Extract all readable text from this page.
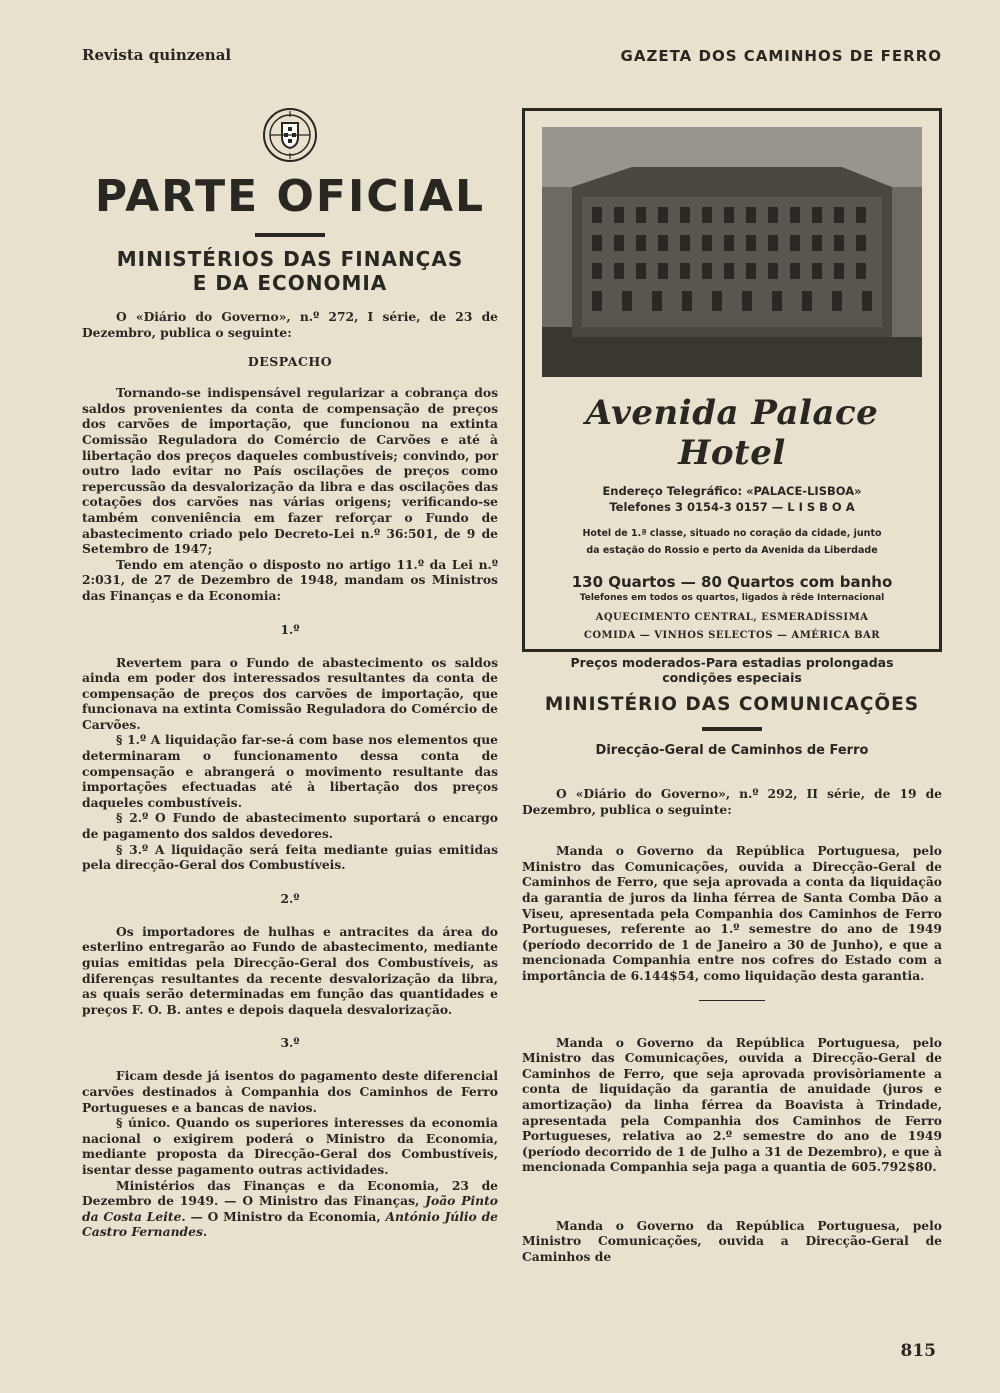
Revista quinzenal	GAZETA DOS CAMINHOS DE FERRO
PARTE OFICIAL
MINISTÉRIOS DAS FINANÇAS
E DA ECONOMIA

O «Diário do Governo», n.º 272, I série, de 23 de Dezembro, publica o seguinte:

DESPACHO

Tornando-se indispensável regularizar a cobrança dos saldos provenientes da conta de compensação de preços dos carvões de importação, que funcionou na extinta Comissão Reguladora do Comércio de Carvões e até à libertação dos preços daqueles combustíveis; convindo, por outro lado evitar no País oscilações de preços como repercussão da desvalorização da libra e das oscilações das cotações dos carvões nas várias origens; verificando-se também conveniência em fazer reforçar o Fundo de abastecimento criado pelo Decreto-Lei n.º 36:501, de 9 de Setembro de 1947;

Tendo em atenção o disposto no artigo 11.º da Lei n.º 2:031, de 27 de Dezembro de 1948, mandam os Ministros das Finanças e da Economia:

1.º

Revertem para o Fundo de abastecimento os saldos ainda em poder dos interessados resultantes da conta de compensação de preços dos carvões de importação, que funcionava na extinta Comissão Reguladora do Comércio de Carvões.

§ 1.º A liquidação far-se-á com base nos elementos que determinaram o funcionamento dessa conta de compensação e abrangerá o movimento resultante das importações efectuadas até à libertação dos preços daqueles combustíveis.

§ 2.º O Fundo de abastecimento suportará o encargo de pagamento dos saldos devedores.

§ 3.º A liquidação será feita mediante guias emitidas pela direcção-Geral dos Combustíveis.

2.º

Os importadores de hulhas e antracites da área do esterlino entregarão ao Fundo de abastecimento, mediante guias emitidas pela Direcção-Geral dos Combustíveis, as diferenças resultantes da recente desvalorização da libra, as quais serão determinadas em função das quantidades e preços F. O. B. antes e depois daquela desvalorização.

3.º

Ficam desde já isentos do pagamento deste diferencial carvões destinados à Companhia dos Caminhos de Ferro Portugueses e a bancas de navios.

§ único. Quando os superiores interesses da economia nacional o exigirem poderá o Ministro da Economia, mediante proposta da Direcção-Geral dos Combustíveis, isentar desse pagamento outras actividades.

Ministérios das Finanças e da Economia, 23 de Dezembro de 1949. — O Ministro das Finanças, João Pinto da Costa Leite. — O Ministro da Economia, António Júlio de Castro Fernandes.

Avenida Palace Hotel
Endereço Telegráfico: «PALACE-LISBOA»
Telefones 3 0154-3 0157 — L I S B O A
Hotel de 1.ª classe, situado no coração da cidade, junto
da estação do Rossio e perto da Avenida da Liberdade
130 Quartos — 80 Quartos com banho
Telefones em todos os quartos, ligados à rêde Internacional
AQUECIMENTO CENTRAL, ESMERADÍSSIMA
COMIDA — VINHOS SELECTOS — AMÉRICA BAR
Preços moderados-Para estadias prolongadas condições especiais
MINISTÉRIO DAS COMUNICAÇÕES
Direcção-Geral de Caminhos de Ferro

O «Diário do Governo», n.º 292, II série, de 19 de Dezembro, publica o seguinte:

Manda o Governo da República Portuguesa, pelo Ministro das Comunicações, ouvida a Direcção-Geral de Caminhos de Ferro, que seja aprovada a conta da liquidação da garantia de juros da linha férrea de Santa Comba Dão a Viseu, apresentada pela Companhia dos Caminhos de Ferro Portugueses, referente ao 1.º semestre do ano de 1949 (período decorrido de 1 de Janeiro a 30 de Junho), e que a mencionada Companhia entre nos cofres do Estado com a importância de 6.144$54, como liquidação desta garantia.

Manda o Governo da República Portuguesa, pelo Ministro das Comunicações, ouvida a Direcção-Geral de Caminhos de Ferro, que seja aprovada provisòriamente a conta de liquidação da garantia de anuidade (juros e amortização) da linha férrea da Boavista à Trindade, apresentada pela Companhia dos Caminhos de Ferro Portugueses, relativa ao 2.º semestre do ano de 1949 (período decorrido de 1 de Julho a 31 de Dezembro), e que à mencionada Companhia seja paga a quantia de 605.792$80.

Manda o Governo da República Portuguesa, pelo Ministro Comunicações, ouvida a Direcção-Geral de Caminhos de

815
